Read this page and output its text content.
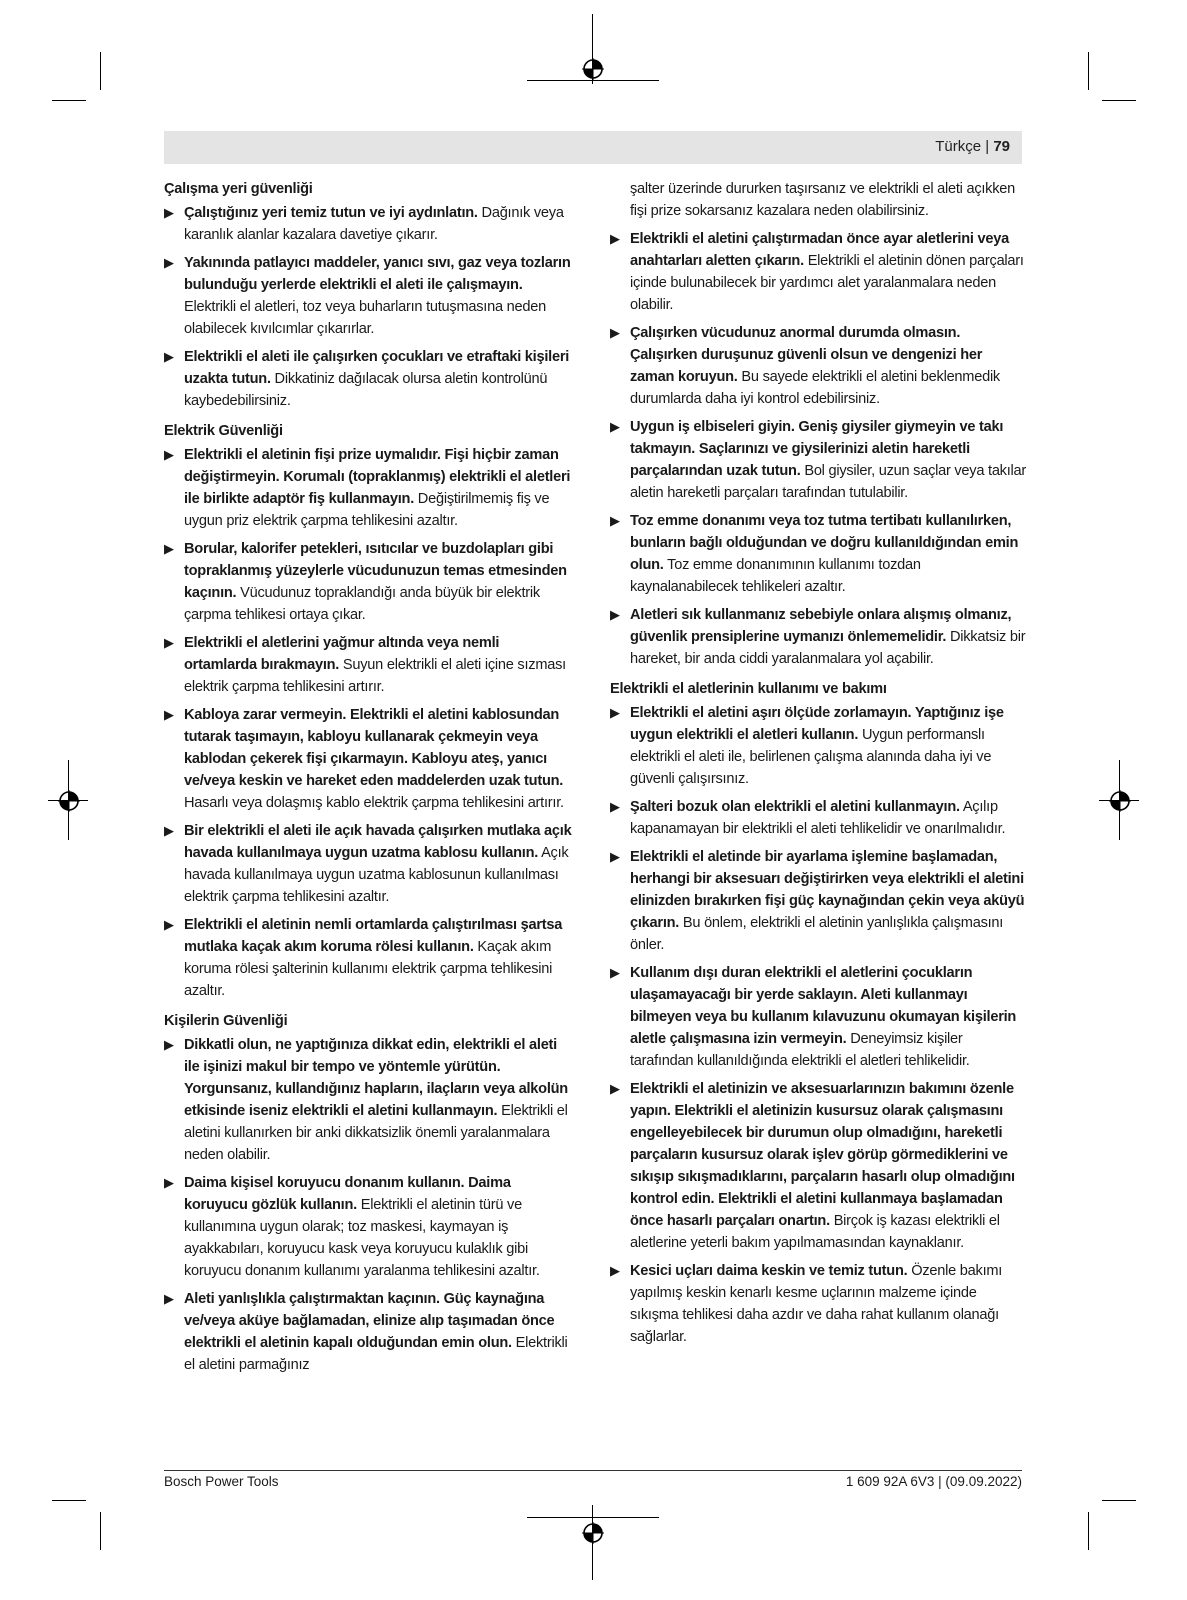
Türkçe | 79
Çalışma yeri güvenliği
▶ Çalıştığınız yeri temiz tutun ve iyi aydınlatın. Dağınık veya karanlık alanlar kazalara davetiye çıkarır.
▶ Yakınında patlayıcı maddeler, yanıcı sıvı, gaz veya tozların bulunduğu yerlerde elektrikli el aleti ile çalışmayın. Elektrikli el aletleri, toz veya buharların tutuşmasına neden olabilecek kıvılcımlar çıkarırlar.
▶ Elektrikli el aleti ile çalışırken çocukları ve etraftaki kişileri uzakta tutun. Dikkatiniz dağılacak olursa aletin kontrolünü kaybedebilirsiniz.
Elektrik Güvenliği
▶ Elektrikli el aletinin fişi prize uymalıdır. Fişi hiçbir zaman değiştirmeyin. Korumalı (topraklanmış) elektrikli el aletleri ile birlikte adaptör fiş kullanmayın. Değiştirilmemiş fiş ve uygun priz elektrik çarpma tehlikesini azaltır.
▶ Borular, kalorifer petekleri, ısıtıcılar ve buzdolapları gibi topraklanmış yüzeylerle vücudunuzun temas etmesinden kaçının. Vücudunuz topraklandığı anda büyük bir elektrik çarpma tehlikesi ortaya çıkar.
▶ Elektrikli el aletlerini yağmur altında veya nemli ortamlarda bırakmayın. Suyun elektrikli el aleti içine sızması elektrik çarpma tehlikesini artırır.
▶ Kabloya zarar vermeyin. Elektrikli el aletini kablosundan tutarak taşımayın, kabloyu kullanarak çekmeyin veya kablodan çekerek fişi çıkarmayın. Kabloyu ateş, yanıcı ve/veya keskin ve hareket eden maddelerden uzak tutun. Hasarlı veya dolaşmış kablo elektrik çarpma tehlikesini artırır.
▶ Bir elektrikli el aleti ile açık havada çalışırken mutlaka açık havada kullanılmaya uygun uzatma kablosu kullanın. Açık havada kullanılmaya uygun uzatma kablosunun kullanılması elektrik çarpma tehlikesini azaltır.
▶ Elektrikli el aletinin nemli ortamlarda çalıştırılması şartsa mutlaka kaçak akım koruma rölesi kullanın. Kaçak akım koruma rölesi şalterinin kullanımı elektrik çarpma tehlikesini azaltır.
Kişilerin Güvenliği
▶ Dikkatli olun, ne yaptığınıza dikkat edin, elektrikli el aleti ile işinizi makul bir tempo ve yöntemle yürütün. Yorgunsanız, kullandığınız hapların, ilaçların veya alkolün etkisinde iseniz elektrikli el aletini kullanmayın. Elektrikli el aletini kullanırken bir anki dikkatsizlik önemli yaralanmalara neden olabilir.
▶ Daima kişisel koruyucu donanım kullanın. Daima koruyucu gözlük kullanın. Elektrikli el aletinin türü ve kullanımına uygun olarak; toz maskesi, kaymayan iş ayakkabıları, koruyucu kask veya koruyucu kulaklık gibi koruyucu donanım kullanımı yaralanma tehlikesini azaltır.
▶ Aleti yanlışlıkla çalıştırmaktan kaçının. Güç kaynağına ve/veya aküye bağlamadan, elinize alıp taşımadan önce elektrikli el aletinin kapalı olduğundan emin olun. Elektrikli el aletini parmağınız
şalter üzerinde dururken taşırsanız ve elektrikli el aleti açıkken fişi prize sokarsanız kazalara neden olabilirsiniz.
▶ Elektrikli el aletini çalıştırmadan önce ayar aletlerini veya anahtarları aletten çıkarın. Elektrikli el aletinin dönen parçaları içinde bulunabilecek bir yardımcı alet yaralanmalara neden olabilir.
▶ Çalışırken vücudunuz anormal durumda olmasın. Çalışırken duruşunuz güvenli olsun ve dengenizi her zaman koruyun. Bu sayede elektrikli el aletini beklenmedik durumlarda daha iyi kontrol edebilirsiniz.
▶ Uygun iş elbiseleri giyin. Geniş giysiler giymeyin ve takı takmayın. Saçlarınızı ve giysilerinizi aletin hareketli parçalarından uzak tutun. Bol giysiler, uzun saçlar veya takılar aletin hareketli parçaları tarafından tutulabilir.
▶ Toz emme donanımı veya toz tutma tertibatı kullanılırken, bunların bağlı olduğundan ve doğru kullanıldığından emin olun. Toz emme donanımının kullanımı tozdan kaynalanabilecek tehlikeleri azaltır.
▶ Aletleri sık kullanmanız sebebiyle onlara alışmış olmanız, güvenlik prensiplerine uymanızı önlememelidir. Dikkatsiz bir hareket, bir anda ciddi yaralanmalara yol açabilir.
Elektrikli el aletlerinin kullanımı ve bakımı
▶ Elektrikli el aletini aşırı ölçüde zorlamayın. Yaptığınız işe uygun elektrikli el aletleri kullanın. Uygun performanslı elektrikli el aleti ile, belirlenen çalışma alanında daha iyi ve güvenli çalışırsınız.
▶ Şalteri bozuk olan elektrikli el aletini kullanmayın. Açılıp kapanamayan bir elektrikli el aleti tehlikelidir ve onarılmalıdır.
▶ Elektrikli el aletinde bir ayarlama işlemine başlamadan, herhangi bir aksesuarı değiştirirken veya elektrikli el aletini elinizden bırakırken fişi güç kaynağından çekin veya aküyü çıkarın. Bu önlem, elektrikli el aletinin yanlışlıkla çalışmasını önler.
▶ Kullanım dışı duran elektrikli el aletlerini çocukların ulaşamayacağı bir yerde saklayın. Aleti kullanmayı bilmeyen veya bu kullanım kılavuzunu okumayan kişilerin aletle çalışmasına izin vermeyin. Deneyimsiz kişiler tarafından kullanıldığında elektrikli el aletleri tehlikelidir.
▶ Elektrikli el aletinizin ve aksesuarlarınızın bakımını özenle yapın. Elektrikli el aletinizin kusursuz olarak çalışmasını engelleyebilecek bir durumun olup olmadığını, hareketli parçaların kusursuz olarak işlev görüp görmediklerini ve sıkışıp sıkışmadıklarını, parçaların hasarlı olup olmadığını kontrol edin. Elektrikli el aletini kullanmaya başlamadan önce hasarlı parçaları onartın. Birçok iş kazası elektrikli el aletlerine yeterli bakım yapılmamasından kaynaklanır.
▶ Kesici uçları daima keskin ve temiz tutun. Özenle bakımı yapılmış keskin kenarlı kesme uçlarının malzeme içinde sıkışma tehlikesi daha azdır ve daha rahat kullanım olanağı sağlarlar.
Bosch Power Tools	1 609 92A 6V3 | (09.09.2022)
